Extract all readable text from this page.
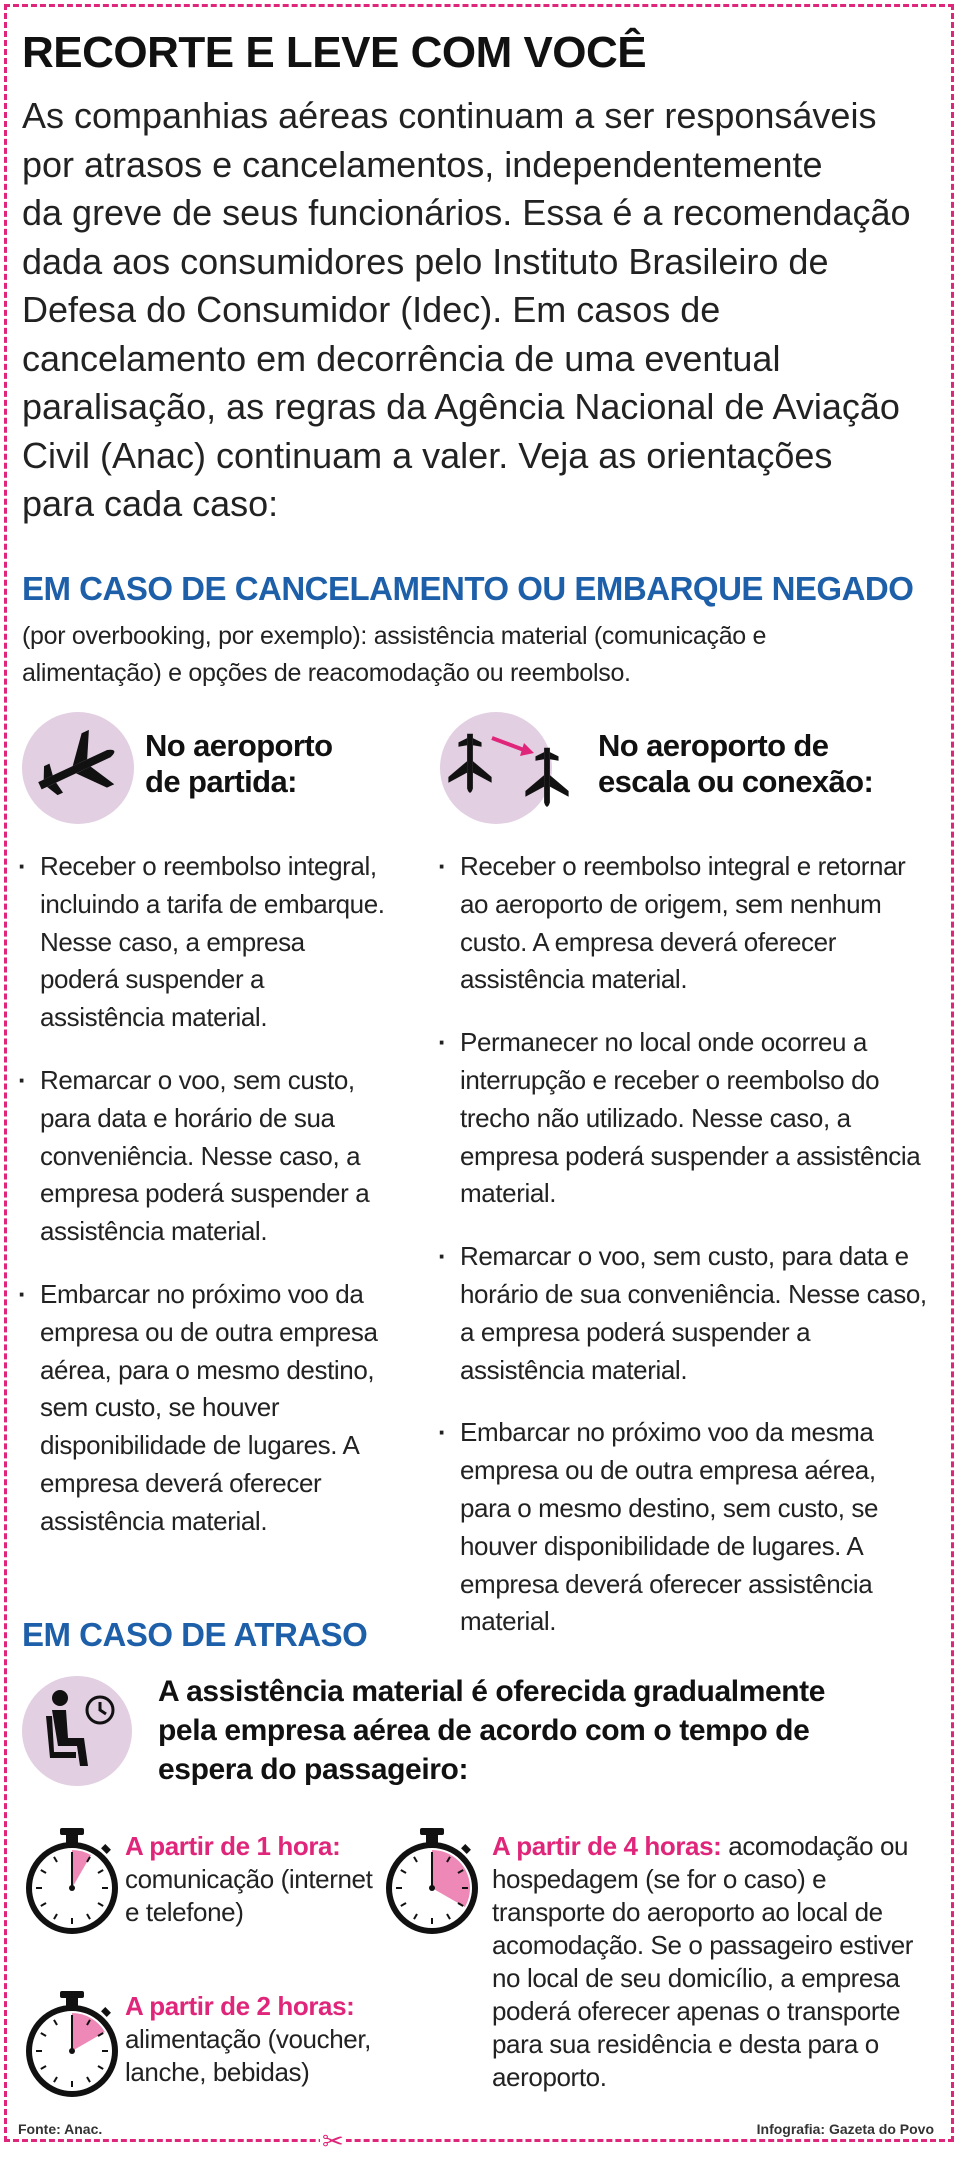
RECORTE E LEVE COM VOCÊ
As companhias aéreas continuam a ser responsáveis
por atrasos e cancelamentos, independentemente
da greve de seus funcionários. Essa é a recomendação
dada aos consumidores pelo Instituto Brasileiro de
Defesa do Consumidor (Idec). Em casos de
cancelamento em decorrência de uma eventual
paralisação, as regras da Agência Nacional de Aviação
Civil (Anac) continuam a valer. Veja as orientações
para cada caso:
EM CASO DE CANCELAMENTO OU EMBARQUE NEGADO
(por overbooking, por exemplo): assistência material (comunicação e
alimentação) e opções de reacomodação ou reembolso.
No aeroporto
de partida:
· Receber o reembolso integral, incluindo a tarifa de embarque. Nesse caso, a empresa poderá suspender a assistência material.
· Remarcar o voo, sem custo, para data e horário de sua conveniência. Nesse caso, a empresa poderá suspender a assistência material.
· Embarcar no próximo voo da empresa ou de outra empresa aérea, para o mesmo destino, sem custo, se houver disponibilidade de lugares. A empresa deverá oferecer assistência material.
No aeroporto de
escala ou conexão:
· Receber o reembolso integral e retornar ao aeroporto de origem, sem nenhum custo. A empresa deverá oferecer assistência material.
· Permanecer no local onde ocorreu a interrupção e receber o reembolso do trecho não utilizado. Nesse caso, a empresa poderá suspender a assistência material.
· Remarcar o voo, sem custo, para data e horário de sua conveniência. Nesse caso, a empresa poderá suspender a assistência material.
· Embarcar no próximo voo da mesma empresa ou de outra empresa aérea, para o mesmo destino, sem custo, se houver disponibilidade de lugares. A empresa deverá oferecer assistência material.
EM CASO DE ATRASO
A assistência material é oferecida gradualmente
pela empresa aérea de acordo com o tempo de
espera do passageiro:
A partir de 1 hora:
comunicação (internet e telefone)
A partir de 2 horas:
alimentação (voucher, lanche, bebidas)
A partir de 4 horas: acomodação ou hospedagem (se for o caso) e transporte do aeroporto ao local de acomodação. Se o passageiro estiver no local de seu domicílio, a empresa poderá oferecer apenas o transporte para sua residência e desta para o aeroporto.
Fonte: Anac.	Infografia: Gazeta do Povo
✂
